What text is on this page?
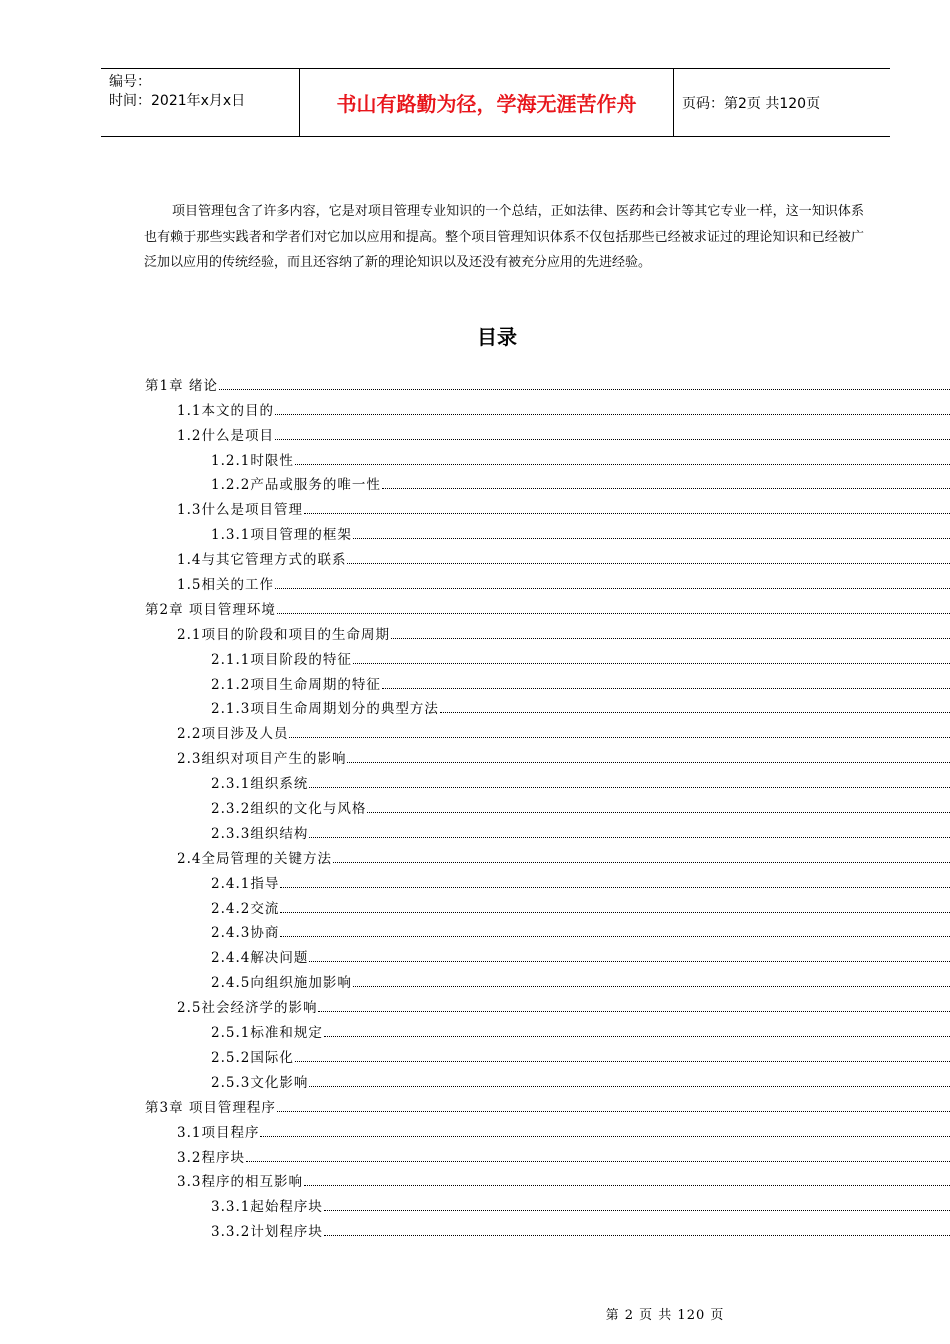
编号：
时间：2021年x月x日	书山有路勤为径，学海无涯苦作舟	页码：第2页 共120页

项目管理包含了许多内容，它是对项目管理专业知识的一个总结，正如法律、医药和会计等其它专业一样，这一知识体系也有赖于那些实践者和学者们对它加以应用和提高。整个项目管理知识体系不仅包括那些已经被求证过的理论知识和已经被广 泛加以应用的传统经验，而且还容纳了新的理论知识以及还没有被充分应用的先进经验。

目录
第1章 绪论
1.1本文的目的
1.2什么是项目
1.2.1时限性
1.2.2产品或服务的唯一性
1.3什么是项目管理
1.3.1项目管理的框架
1.4与其它管理方式的联系
1.5相关的工作
第2章 项目管理环境
2.1项目的阶段和项目的生命周期
2.1.1项目阶段的特征
2.1.2项目生命周期的特征
2.1.3项目生命周期划分的典型方法
2.2项目涉及人员
2.3组织对项目产生的影响
2.3.1组织系统
2.3.2组织的文化与风格
2.3.3组织结构
2.4全局管理的关键方法
2.4.1指导
2.4.2交流
2.4.3协商
2.4.4解决问题
2.4.5向组织施加影响
2.5社会经济学的影响
2.5.1标准和规定
2.5.2国际化
2.5.3文化影响
第3章 项目管理程序
3.1项目程序
3.2程序块
3.3程序的相互影响
3.3.1起始程序块
3.3.2计划程序块
第 2 页 共 120 页
